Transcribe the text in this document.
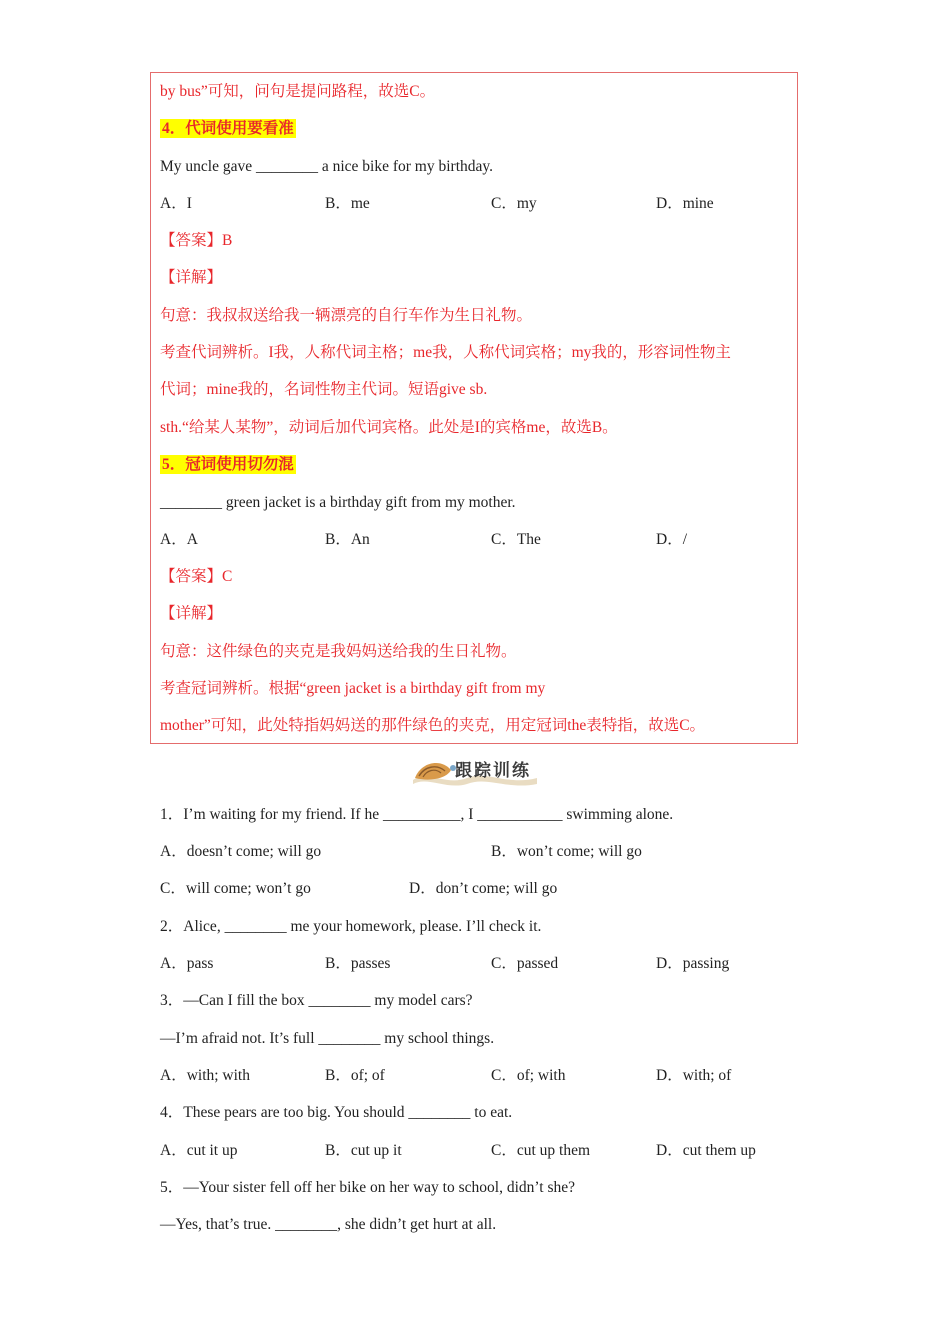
by bus”可知，问句是提问路程，故选C。
4．代词使用要看准
My uncle gave ________ a nice bike for my birthday.
A．I	B．me	C．my	D．mine
【答案】B
【详解】
句意：我叔叔送给我一辆漂亮的自行车作为生日礼物。
考查代词辨析。I我，人称代词主格；me我，人称代词宾格；my我的，形容词性物主
代词；mine我的，名词性物主代词。短语give sb.
sth.“给某人某物”，动词后加代词宾格。此处是I的宾格me，故选B。
5．冠词使用切勿混
________ green jacket is a birthday gift from my mother.
A．A	B．An	C．The	D．/
【答案】C
【详解】
句意：这件绿色的夹克是我妈妈送给我的生日礼物。
考查冠词辨析。根据“green jacket is a birthday gift from my
mother”可知，此处特指妈妈送的那件绿色的夹克，用定冠词the表特指，故选C。
跟踪训练
1．I’m waiting for my friend. If he __________, I ___________ swimming alone.
A．doesn’t come; will go	B．won’t come; will go
C．will come; won’t go	D．don’t come; will go
2．Alice, ________ me your homework, please. I’ll check it.
A．pass	B．passes	C．passed	D．passing
3．—Can I fill the box ________ my model cars?
—I’m afraid not. It’s full ________ my school things.
A．with; with	B．of; of	C．of; with	D．with; of
4．These pears are too big. You should ________ to eat.
A．cut it up	B．cut up it	C．cut up them	D．cut them up
5．—Your sister fell off her bike on her way to school, didn’t she?
—Yes, that’s true. ________, she didn’t get hurt at all.
